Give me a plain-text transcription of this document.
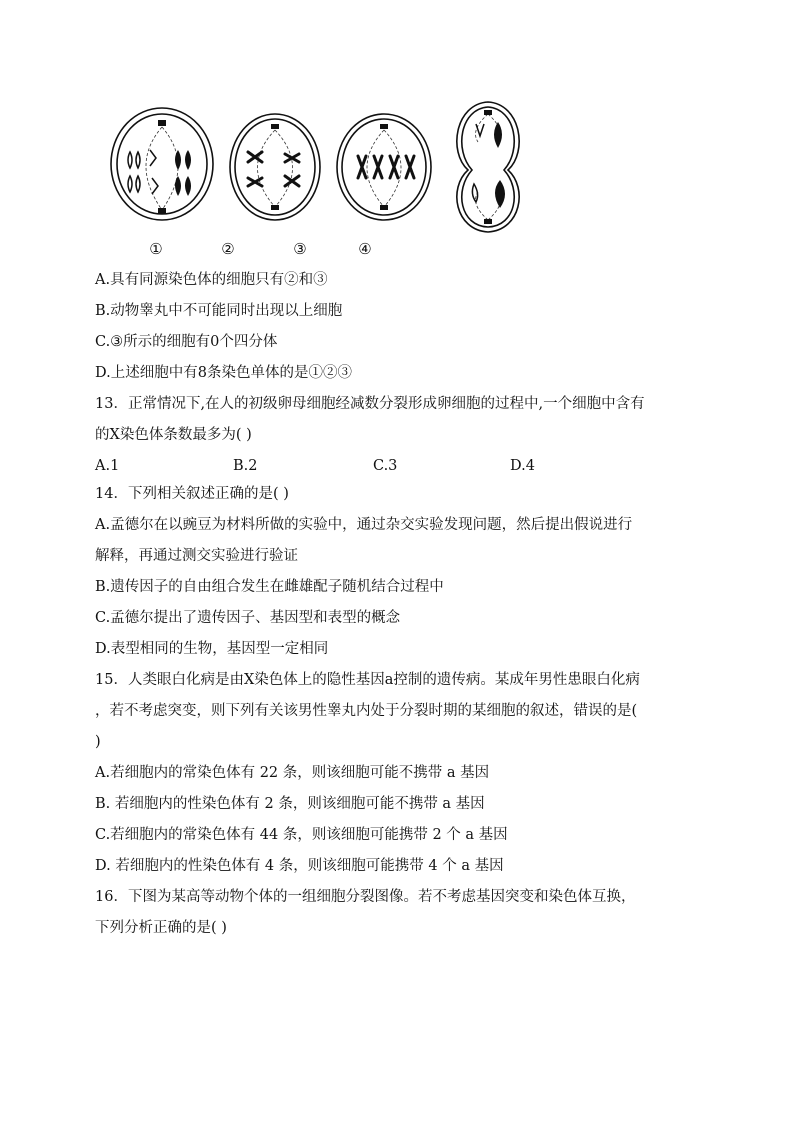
①	②	③	④
A.具有同源染色体的细胞只有②和③
B.动物睾丸中不可能同时出现以上细胞
C.③所示的细胞有0个四分体
D.上述细胞中有8条染色单体的是①②③
13．正常情况下,在人的初级卵母细胞经减数分裂形成卵细胞的过程中,一个细胞中含有
的X染色体条数最多为( )
A.1	B.2	C.3	D.4
14．下列相关叙述正确的是( )
A.孟德尔在以豌豆为材料所做的实验中，通过杂交实验发现问题，然后提出假说进行
解释，再通过测交实验进行验证
B.遗传因子的自由组合发生在雌雄配子随机结合过程中
C.孟德尔提出了遗传因子、基因型和表型的概念
D.表型相同的生物，基因型一定相同
15．人类眼白化病是由X染色体上的隐性基因a控制的遗传病。某成年男性患眼白化病
，若不考虑突变，则下列有关该男性睾丸内处于分裂时期的某细胞的叙述，错误的是(
)
A.若细胞内的常染色体有 22 条，则该细胞可能不携带 a 基因
B. 若细胞内的性染色体有 2 条，则该细胞可能不携带 a 基因
C.若细胞内的常染色体有 44 条，则该细胞可能携带 2 个 a 基因
D. 若细胞内的性染色体有 4 条，则该细胞可能携带 4 个 a 基因
16．下图为某高等动物个体的一组细胞分裂图像。若不考虑基因突变和染色体互换，
下列分析正确的是( )
